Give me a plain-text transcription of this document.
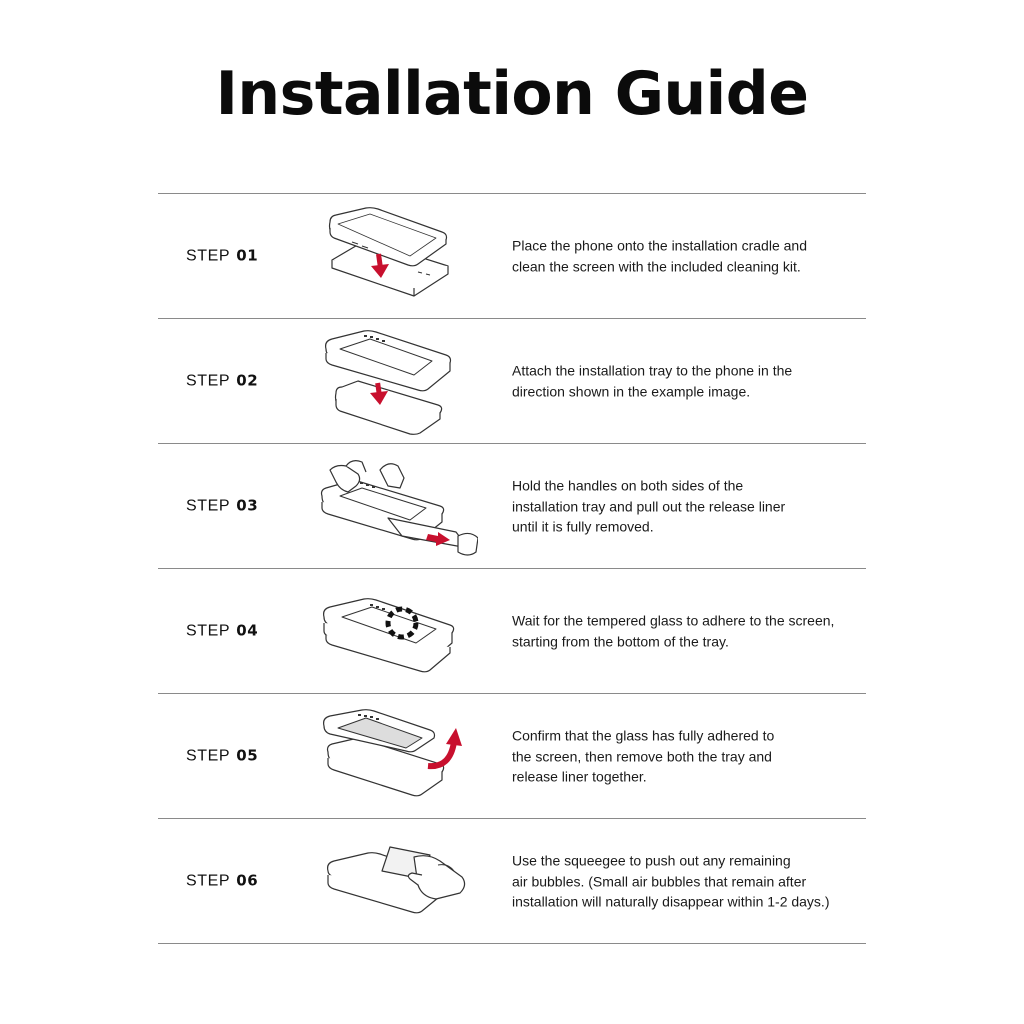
Installation Guide
STEP 01
Place the phone onto the installation cradle and
clean the screen with the included cleaning kit.
STEP 02
Attach the installation tray to the phone in the
direction shown in the example image.
STEP 03
Hold the handles on both sides of the
installation tray and pull out the release liner
until it is fully removed.
STEP 04
Wait for the tempered glass to adhere to the screen,
starting from the bottom of the tray.
STEP 05
Confirm that the glass has fully adhered to
the screen, then remove both the tray and
release liner together.
STEP 06
Use the squeegee to push out any remaining
air bubbles. (Small air bubbles that remain after
installation will naturally disappear within 1-2 days.)
